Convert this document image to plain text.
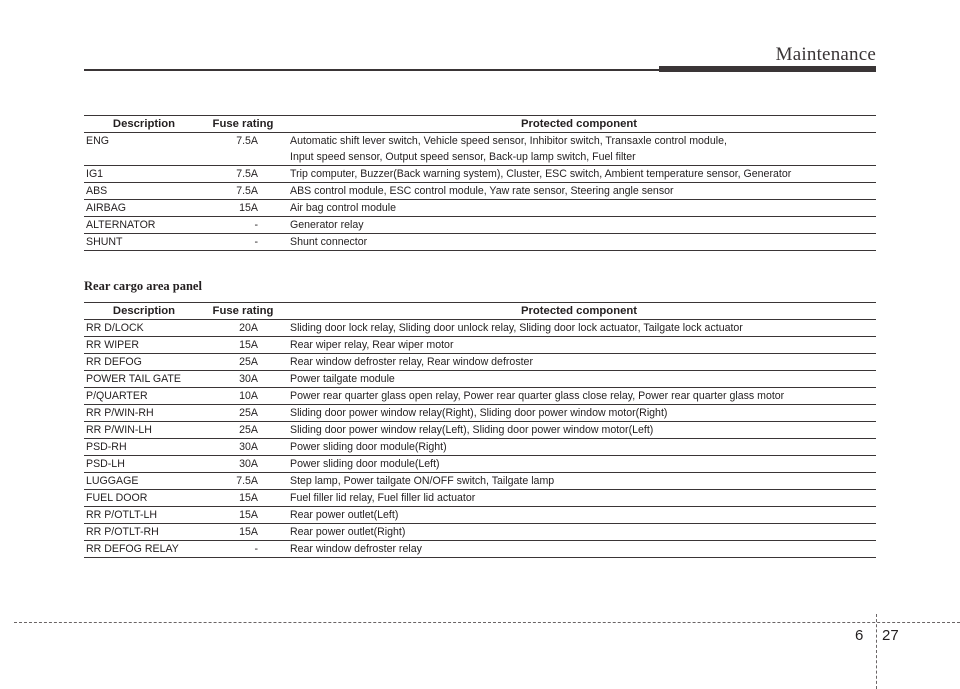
Maintenance
Description	Fuse rating	Protected component
ENG	7.5A	Automatic shift lever switch, Vehicle speed sensor, Inhibitor switch, Transaxle control module,
Input speed sensor, Output speed sensor, Back-up lamp switch, Fuel filter

IG1	7.5A	Trip computer, Buzzer(Back warning system), Cluster, ESC switch, Ambient temperature sensor, Generator
ABS	7.5A	ABS control module, ESC control module, Yaw rate sensor, Steering angle sensor
AIRBAG	15A	Air bag control module
ALTERNATOR	-	Generator relay
SHUNT	-	Shunt connector
Rear cargo area panel
Description	Fuse rating	Protected component
RR D/LOCK	20A	Sliding door lock relay, Sliding door unlock relay, Sliding door lock actuator, Tailgate lock actuator
RR WIPER	15A	Rear wiper relay, Rear wiper motor
RR DEFOG	25A	Rear window defroster relay, Rear window defroster
POWER TAIL GATE	30A	Power tailgate module
P/QUARTER	10A	Power rear quarter glass open relay, Power rear quarter glass close relay, Power rear quarter glass motor
RR P/WIN-RH	25A	Sliding door power window relay(Right), Sliding door power window motor(Right)
RR P/WIN-LH	25A	Sliding door power window relay(Left), Sliding door power window motor(Left)
PSD-RH	30A	Power sliding door module(Right)
PSD-LH	30A	Power sliding door module(Left)
LUGGAGE	7.5A	Step lamp, Power tailgate ON/OFF switch, Tailgate lamp
FUEL DOOR	15A	Fuel filler lid relay, Fuel filler lid actuator
RR P/OTLT-LH	15A	Rear power outlet(Left)
RR P/OTLT-RH	15A	Rear power outlet(Right)
RR DEFOG RELAY	-	Rear window defroster relay
6 27
